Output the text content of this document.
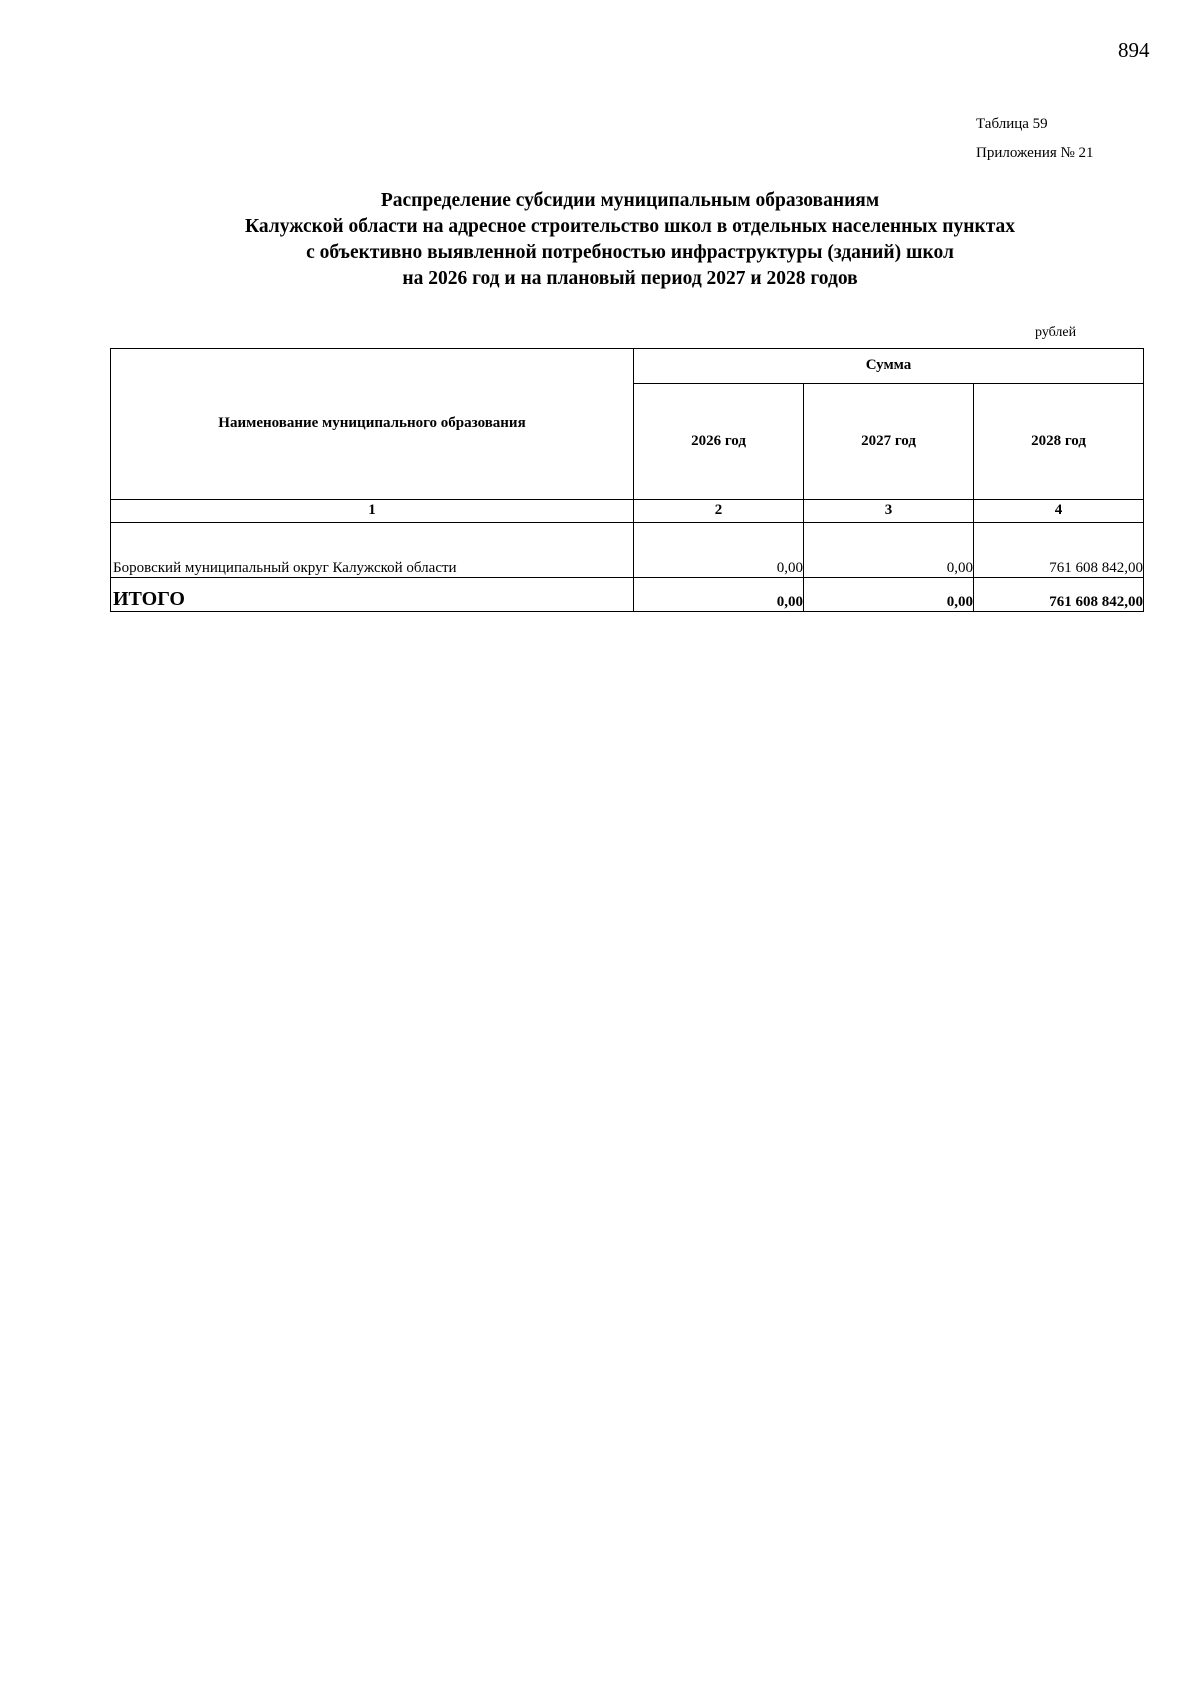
894
Таблица 59
Приложения № 21
Распределение субсидии муниципальным образованиям
Калужской области на адресное строительство школ в отдельных населенных пунктах
с объективно выявленной потребностью инфраструктуры (зданий) школ
на 2026 год и на плановый период 2027 и 2028 годов
рублей
Наименование муниципального образования	Сумма		
	2026 год	2027 год	2028 год
1	2	3	4
Боровский муниципальный округ Калужской области	0,00	0,00	761 608 842,00
ИТОГО	0,00	0,00	761 608 842,00
